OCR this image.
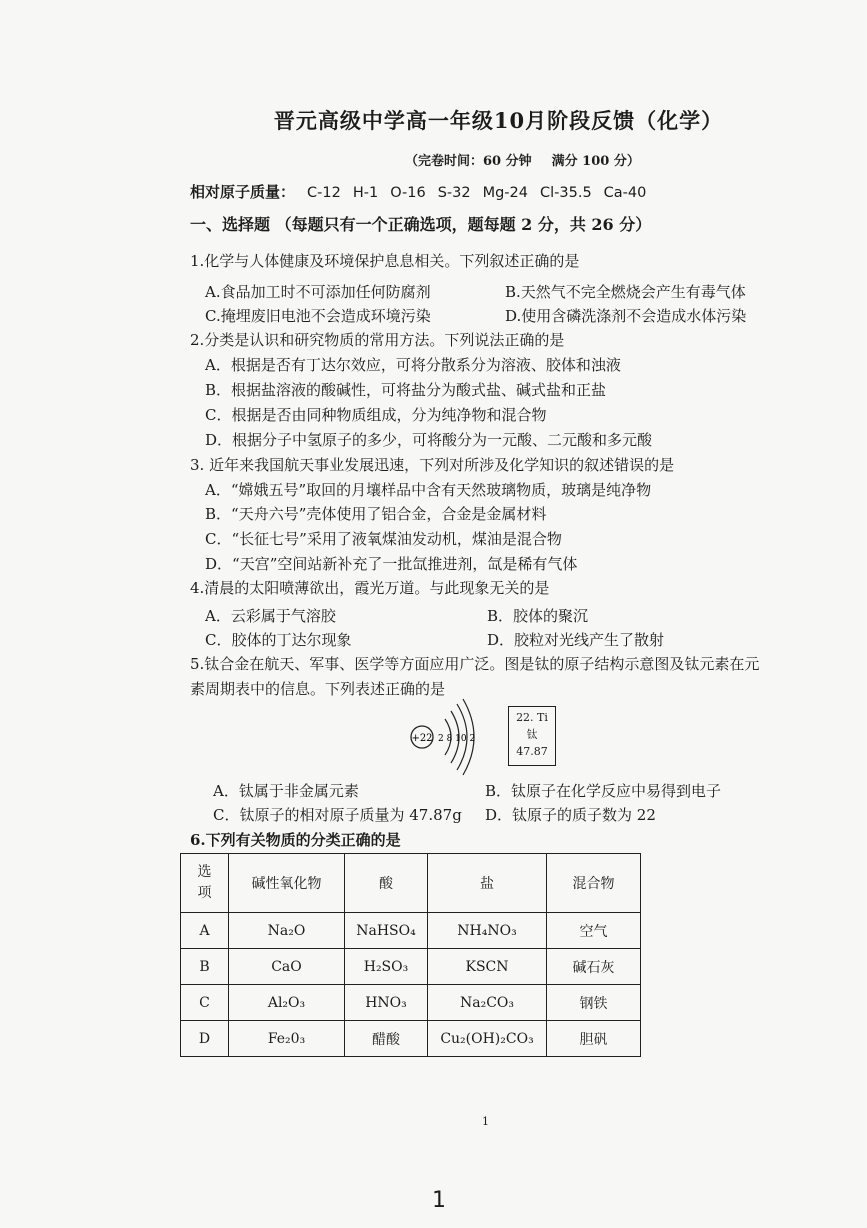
晋元高级中学高一年级10月阶段反馈（化学）
（完卷时间：60 分钟 满分 100 分）
相对原子质量： C-12 H-1 O-16 S-32 Mg-24 Cl-35.5 Ca-40
一、选择题 （每题只有一个正确选项，题每题 2 分，共 26 分）
1.化学与人体健康及环境保护息息相关。下列叙述正确的是
A.食品加工时不可添加任何防腐剂	B.天然气不完全燃烧会产生有毒气体
C.掩埋废旧电池不会造成环境污染	D.使用含磷洗涤剂不会造成水体污染
2.分类是认识和研究物质的常用方法。下列说法正确的是
A．根据是否有丁达尔效应，可将分散系分为溶液、胶体和浊液
B．根据盐溶液的酸碱性，可将盐分为酸式盐、碱式盐和正盐
C．根据是否由同种物质组成，分为纯净物和混合物
D．根据分子中氢原子的多少，可将酸分为一元酸、二元酸和多元酸
3. 近年来我国航天事业发展迅速，下列对所涉及化学知识的叙述错误的是
A．“嫦娥五号”取回的月壤样品中含有天然玻璃物质，玻璃是纯净物
B．“天舟六号”壳体使用了铝合金，合金是金属材料
C．“长征七号”采用了液氧煤油发动机，煤油是混合物
D．“天宫”空间站新补充了一批氙推进剂，氙是稀有气体
4.清晨的太阳喷薄欲出，霞光万道。与此现象无关的是
A．云彩属于气溶胶	B．胶体的聚沉
C．胶体的丁达尔现象	D．胶粒对光线产生了散射
5.钛合金在航天、军事、医学等方面应用广泛。图是钛的原子结构示意图及钛元素在元
素周期表中的信息。下列表述正确的是
+22 2 8 10 2
22. Ti
钛
47.87
A．钛属于非金属元素	B．钛原子在化学反应中易得到电子
C．钛原子的相对原子质量为 47.87g D．钛原子的质子数为 22
6.下列有关物质的分类正确的是
选项	碱性氧化物	酸	盐	混合物
A	Na₂O	NaHSO₄	NH₄NO₃	空气
B	CaO	H₂SO₃	KSCN	碱石灰
C	Al₂O₃	HNO₃	Na₂CO₃	钢铁
D	Fe₂0₃	醋酸	Cu₂(OH)₂CO₃	胆矾
1
1
